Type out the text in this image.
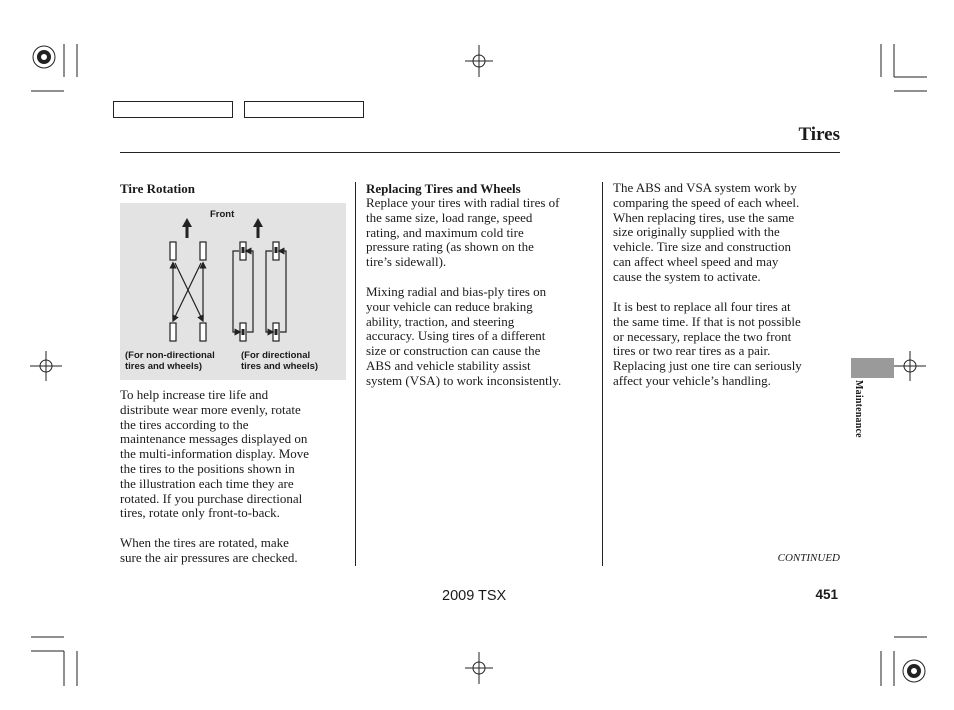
Tires
Tire Rotation
Front
(For non-directional
tires and wheels)
(For directional
tires and wheels)
To help increase tire life and
distribute wear more evenly, rotate
the tires according to the
maintenance messages displayed on
the multi-information display. Move
the tires to the positions shown in
the illustration each time they are
rotated. If you purchase directional
tires, rotate only front-to-back.
When the tires are rotated, make
sure the air pressures are checked.
Replacing Tires and Wheels
Replace your tires with radial tires of
the same size, load range, speed
rating, and maximum cold tire
pressure rating (as shown on the
tire’s sidewall).
Mixing radial and bias-ply tires on
your vehicle can reduce braking
ability, traction, and steering
accuracy. Using tires of a different
size or construction can cause the
ABS and vehicle stability assist
system (VSA) to work inconsistently.
The ABS and VSA system work by
comparing the speed of each wheel.
When replacing tires, use the same
size originally supplied with the
vehicle. Tire size and construction
can affect wheel speed and may
cause the system to activate.
It is best to replace all four tires at
the same time. If that is not possible
or necessary, replace the two front
tires or two rear tires as a pair.
Replacing just one tire can seriously
affect your vehicle’s handling.	Maintenance
CONTINUED
2009 TSX	451
